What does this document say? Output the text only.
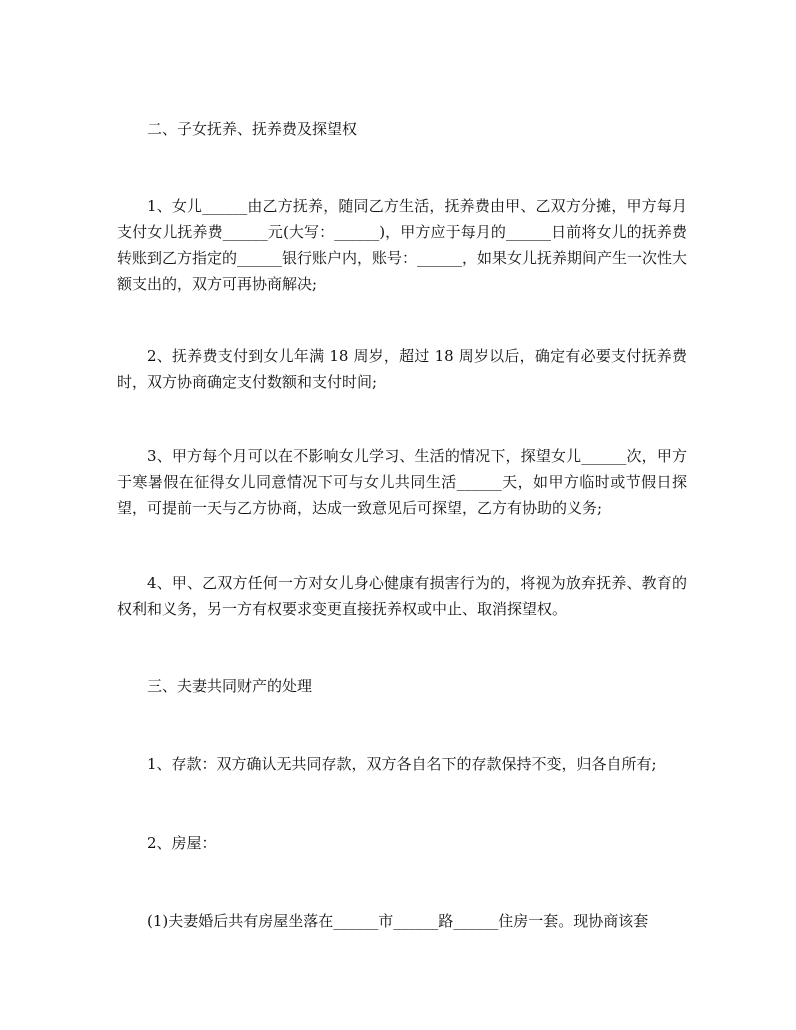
二、子女抚养、抚养费及探望权

1、女儿______由乙方抚养，随同乙方生活，抚养费由甲、乙双方分摊，甲方每月支付女儿抚养费______元(大写：______)，甲方应于每月的______日前将女儿的抚养费转账到乙方指定的______银行账户内，账号：______，如果女儿抚养期间产生一次性大额支出的，双方可再协商解决;

2、抚养费支付到女儿年满 18 周岁，超过 18 周岁以后，确定有必要支付抚养费时，双方协商确定支付数额和支付时间;

3、甲方每个月可以在不影响女儿学习、生活的情况下，探望女儿______次，甲方于寒暑假在征得女儿同意情况下可与女儿共同生活______天，如甲方临时或节假日探望，可提前一天与乙方协商，达成一致意见后可探望，乙方有协助的义务;

4、甲、乙双方任何一方对女儿身心健康有损害行为的，将视为放弃抚养、教育的权利和义务，另一方有权要求变更直接抚养权或中止、取消探望权。

三、夫妻共同财产的处理

1、存款：双方确认无共同存款，双方各自名下的存款保持不变，归各自所有;

2、房屋：

(1)夫妻婚后共有房屋坐落在______市______路______住房一套。现协商该套
